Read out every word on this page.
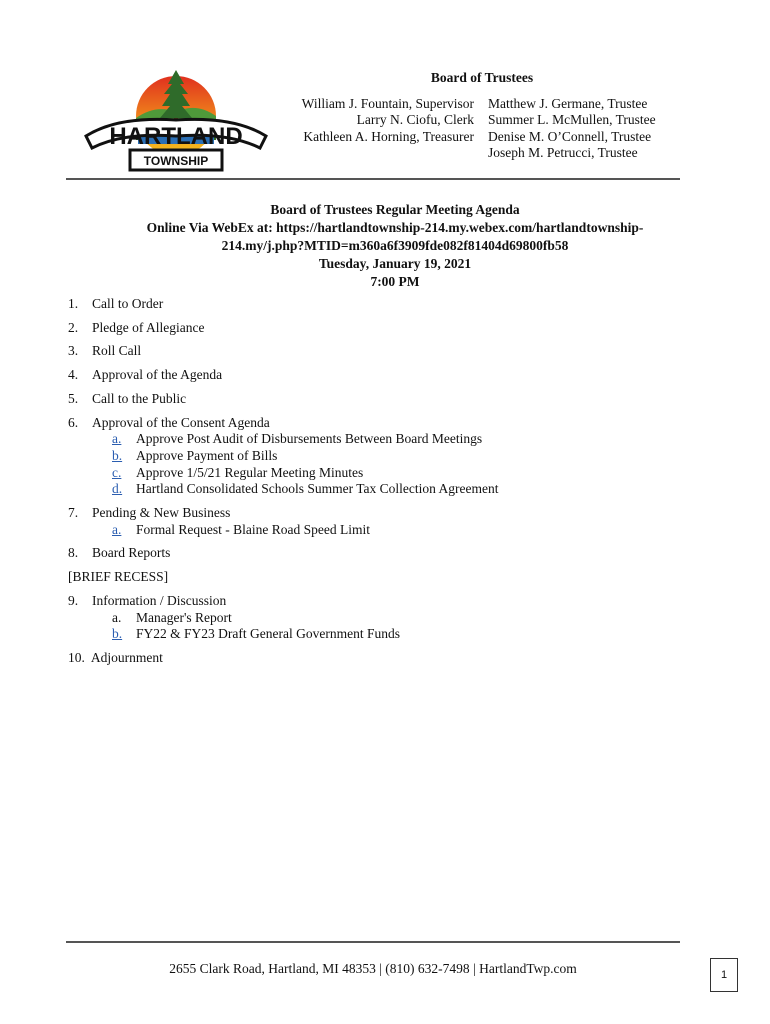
HARTLAND
TOWNSHIP
Board of Trustees
William J. Fountain, Supervisor
Larry N. Ciofu, Clerk
Kathleen A. Horning, Treasurer
Matthew J. Germane, Trustee
Summer L. McMullen, Trustee
Denise M. O’Connell, Trustee
Joseph M. Petrucci, Trustee
Board of Trustees Regular Meeting Agenda
Online Via WebEx at: https://hartlandtownship-214.my.webex.com/hartlandtownship-
214.my/j.php?MTID=m360a6f3909fde082f81404d69800fb58
Tuesday, January 19, 2021
7:00 PM
1. Call to Order
2. Pledge of Allegiance
3. Roll Call
4. Approval of the Agenda
5. Call to the Public
6. Approval of the Consent Agenda
a. Approve Post Audit of Disbursements Between Board Meetings
b. Approve Payment of Bills
c. Approve 1/5/21 Regular Meeting Minutes
d. Hartland Consolidated Schools Summer Tax Collection Agreement
7. Pending & New Business
a. Formal Request - Blaine Road Speed Limit
8. Board Reports
[BRIEF RECESS]
9. Information / Discussion
a. Manager's Report
b. FY22 & FY23 Draft General Government Funds
10.  Adjournment
2655 Clark Road, Hartland, MI 48353 | (810) 632-7498 | HartlandTwp.com	1
